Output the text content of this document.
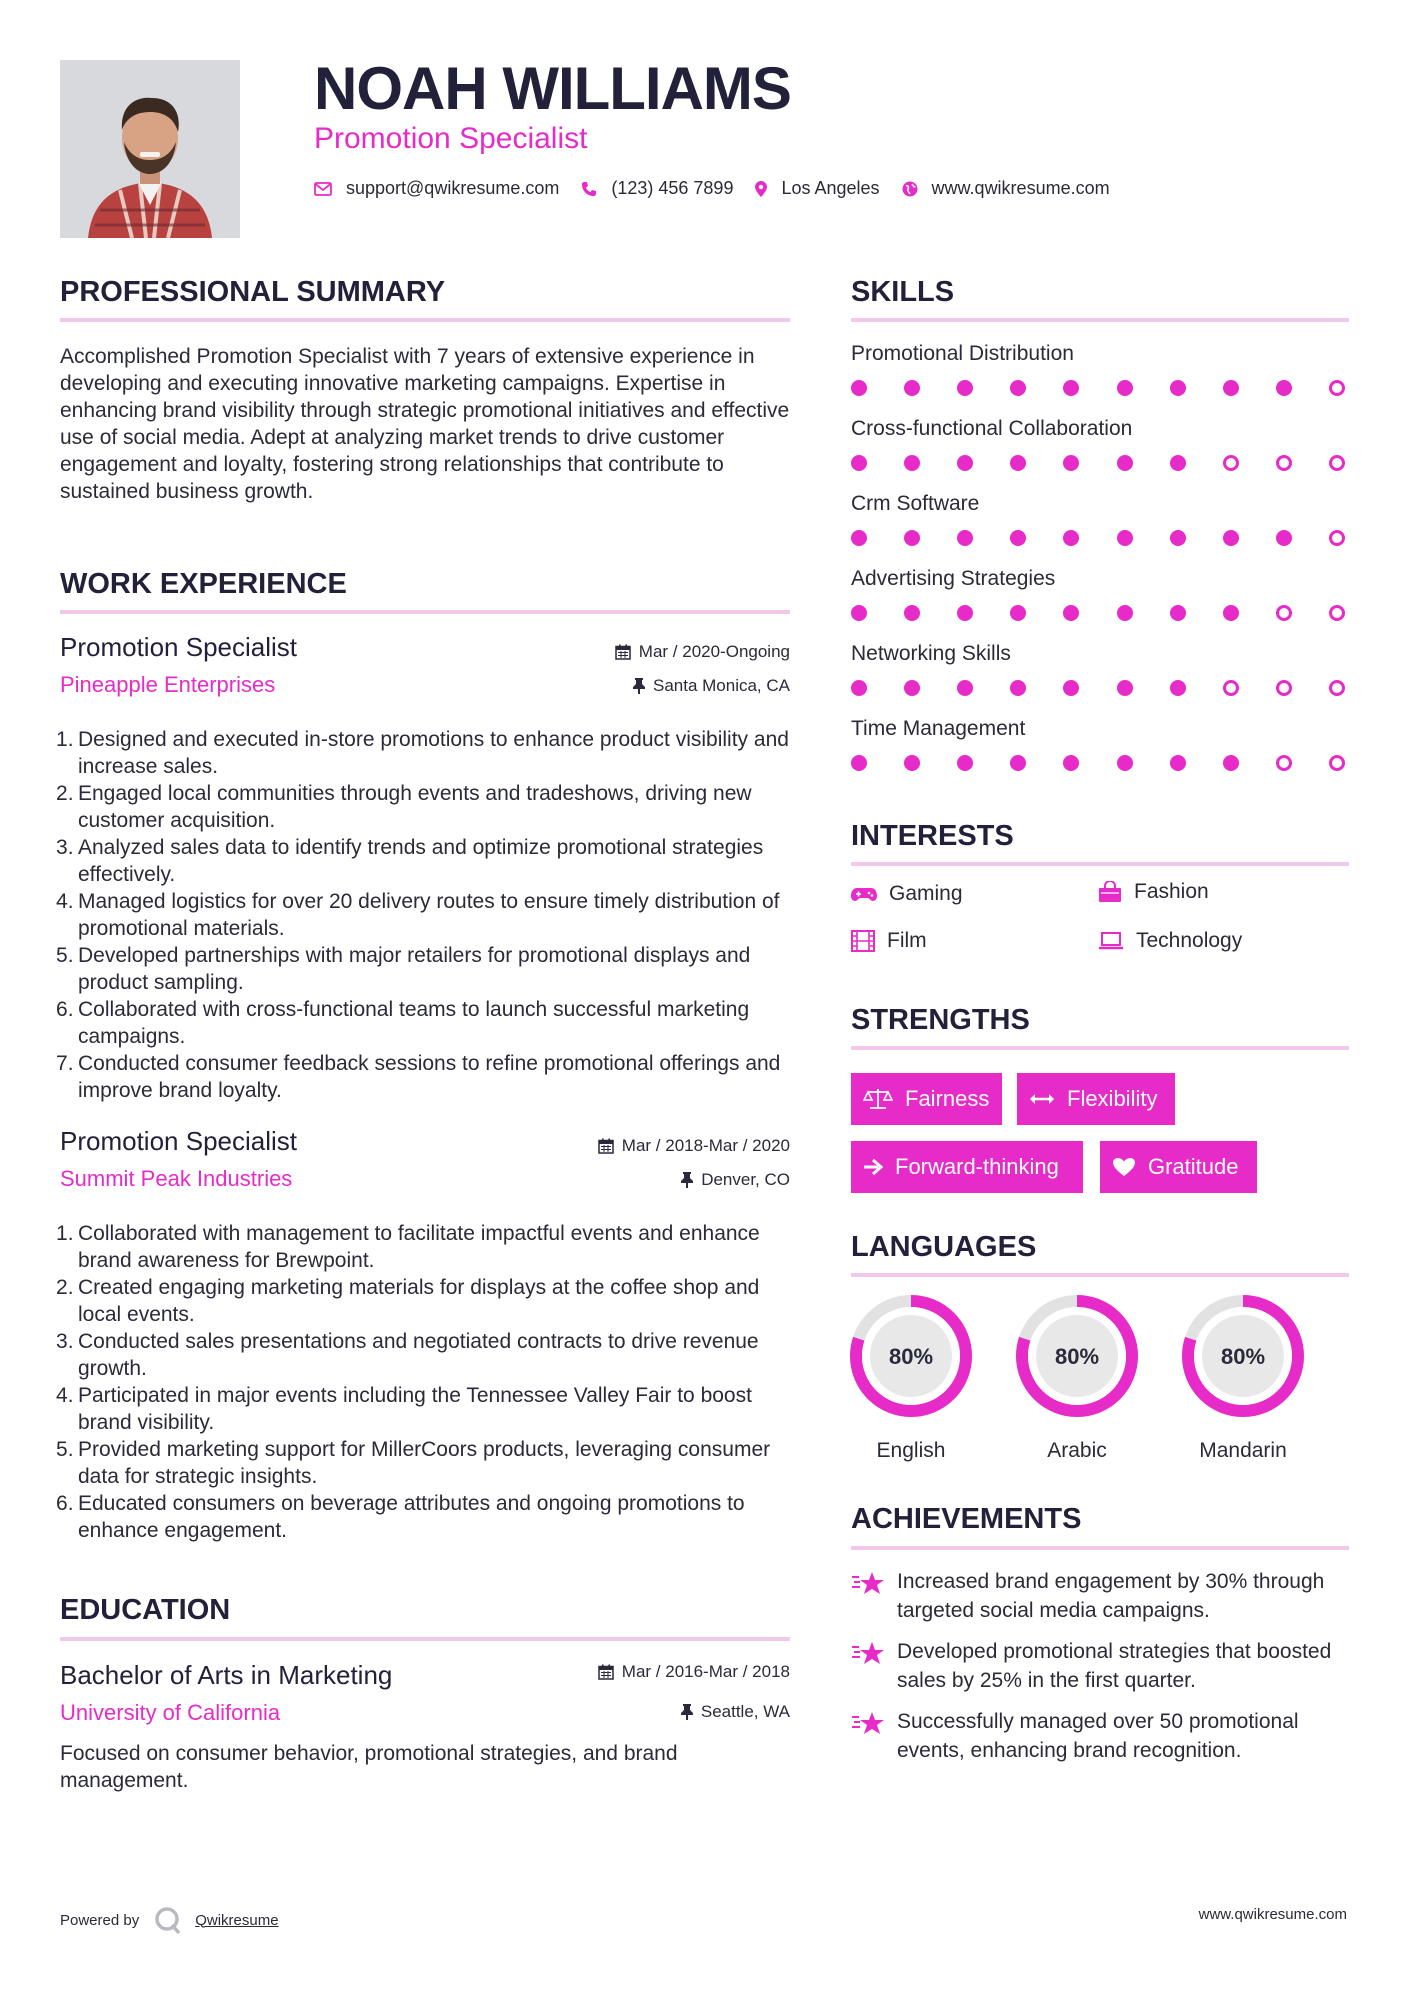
NOAH WILLIAMS
Promotion Specialist
support@qwikresume.com	(123) 456 7899	Los Angeles	www.qwikresume.com
PROFESSIONAL SUMMARY
Accomplished Promotion Specialist with 7 years of extensive experience in developing and executing innovative marketing campaigns. Expertise in enhancing brand visibility through strategic promotional initiatives and effective use of social media. Adept at analyzing market trends to drive customer engagement and loyalty, fostering strong relationships that contribute to sustained business growth.
WORK EXPERIENCE
Promotion Specialist
Pineapple Enterprises
Mar / 2020-Ongoing
Santa Monica, CA
Designed and executed in-store promotions to enhance product visibility and increase sales.
Engaged local communities through events and tradeshows, driving new customer acquisition.
Analyzed sales data to identify trends and optimize promotional strategies effectively.
Managed logistics for over 20 delivery routes to ensure timely distribution of promotional materials.
Developed partnerships with major retailers for promotional displays and product sampling.
Collaborated with cross-functional teams to launch successful marketing campaigns.
Conducted consumer feedback sessions to refine promotional offerings and improve brand loyalty.
Promotion Specialist
Summit Peak Industries
Mar / 2018-Mar / 2020
Denver, CO
Collaborated with management to facilitate impactful events and enhance brand awareness for Brewpoint.
Created engaging marketing materials for displays at the coffee shop and local events.
Conducted sales presentations and negotiated contracts to drive revenue growth.
Participated in major events including the Tennessee Valley Fair to boost brand visibility.
Provided marketing support for MillerCoors products, leveraging consumer data for strategic insights.
Educated consumers on beverage attributes and ongoing promotions to enhance engagement.
EDUCATION
Bachelor of Arts in Marketing
University of California
Mar / 2016-Mar / 2018
Seattle, WA
Focused on consumer behavior, promotional strategies, and brand management.
SKILLS
Promotional Distribution
Cross-functional Collaboration
Crm Software
Advertising Strategies
Networking Skills
Time Management
INTERESTS
Gaming	Fashion
Film	Technology
STRENGTHS
Fairness	Flexibility
Forward-thinking	Gratitude
LANGUAGES
80%
English
80%
Arabic
80%
Mandarin
ACHIEVEMENTS
Increased brand engagement by 30% through targeted social media campaigns.
Developed promotional strategies that boosted sales by 25% in the first quarter.
Successfully managed over 50 promotional events, enhancing brand recognition.
Powered by	Qwikresume	www.qwikresume.com
